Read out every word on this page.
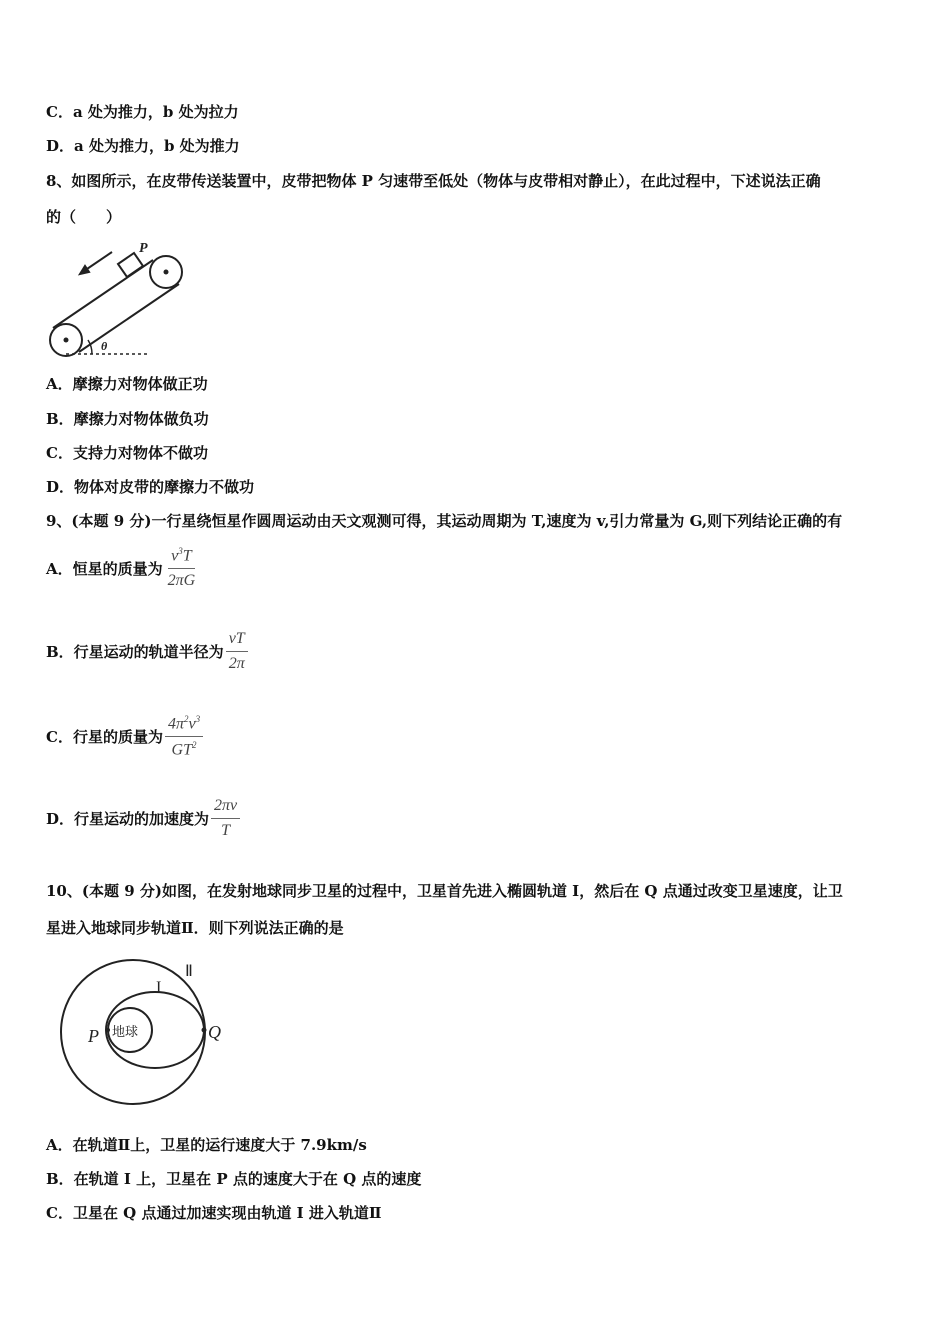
C．a 处为推力，b 处为拉力
D．a 处为推力，b 处为推力
8、如图所示，在皮带传送装置中，皮带把物体 P 匀速带至低处（物体与皮带相对静止），在此过程中，下述说法正确
的（　　）
P
θ
A．摩擦力对物体做正功
B．摩擦力对物体做负功
C．支持力对物体不做功
D．物体对皮带的摩擦力不做功
9、(本题 9 分)一行星绕恒星作圆周运动由天文观测可得，其运动周期为 T,速度为 v,引力常量为 G,则下列结论正确的有
A．恒星的质量为 $\frac{v^3T}{2\pi G}$
B．行星运动的轨道半径为 $\frac{vT}{2\pi}$
C．行星的质量为 $\frac{4\pi^2v^3}{GT^2}$
D．行星运动的加速度为 $\frac{2\pi v}{T}$
10、(本题 9 分)如图，在发射地球同步卫星的过程中，卫星首先进入椭圆轨道 I，然后在 Q 点通过改变卫星速度，让卫
星进入地球同步轨道Ⅱ．则下列说法正确的是
Ⅱ
I
P	Q
地球
A．在轨道Ⅱ上，卫星的运行速度大于 7.9km/s
B．在轨道 I 上，卫星在 P 点的速度大于在 Q 点的速度
C．卫星在 Q 点通过加速实现由轨道 I 进入轨道Ⅱ
